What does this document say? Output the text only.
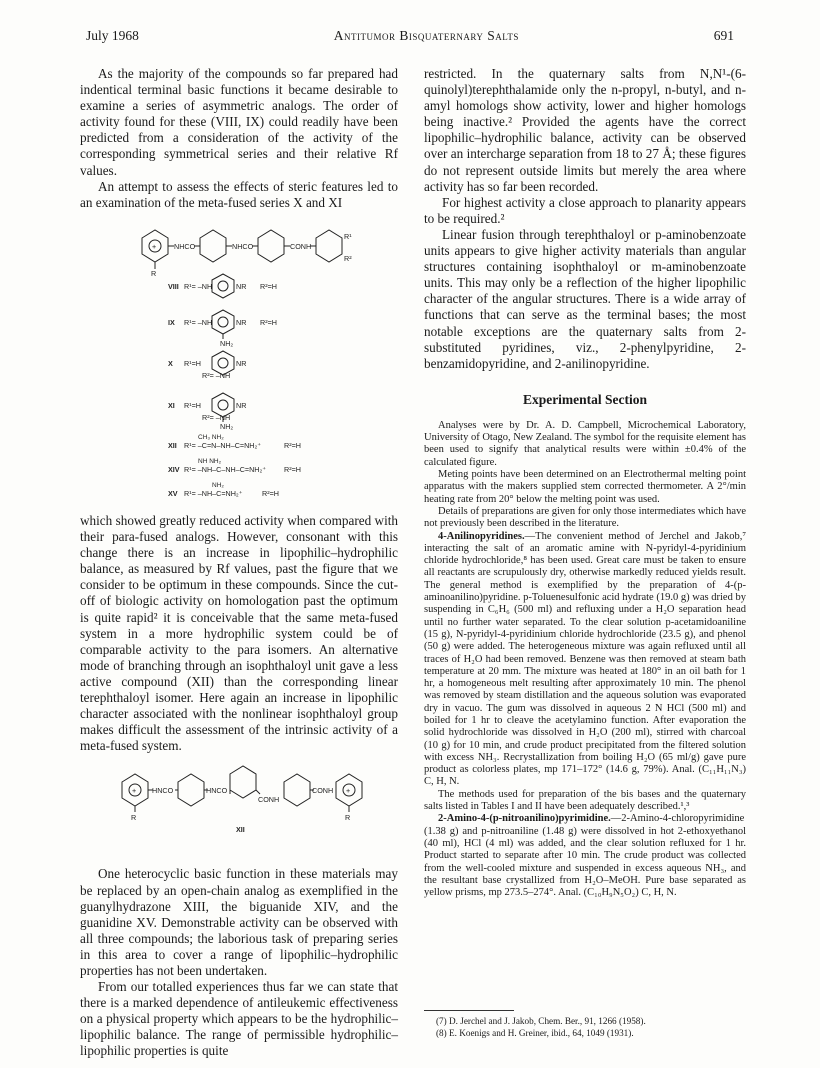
July 1968	Antitumor Bisquaternary Salts	691

As the majority of the compounds so far prepared had indentical terminal basic functions it became desirable to examine a series of asymmetric analogs. The order of activity found for these (VIII, IX) could readily have been predicted from a consideration of the activity of the corresponding symmetrical series and their relative Rf values.

An attempt to assess the effects of steric features led to an examination of the meta-fused series X and XI

+ NHCO	NHCO	CONH
R¹
R²
R
VIII R¹= –NH	NR R²=H
IX R¹= –NH	NR R²=H
NH₂
X R¹=H
R²= –NH
NR
XI R¹=H
R²= –NH
NR
NH₂
CH₃ NH₂
XII R¹= –C=N–NH–C=NH₂⁺	R²=H
NH NH₂
XIV R¹= –NH–C–NH–C=NH₂⁺ R²=H
NH₂
XV R¹= –NH–C=NH₂⁺	R²=H

which showed greatly reduced activity when compared with their para-fused analogs. However, consonant with this change there is an increase in lipophilic–hydrophilic balance, as measured by Rf values, past the figure that we consider to be optimum in these compounds. Since the cut-off of biologic activity on homologation past the optimum is quite rapid² it is conceivable that the same meta-fused system in a more hydrophilic system could be of comparable activity to the para isomers. An alternative mode of branching through an isophthaloyl unit gave a less active compound (XII) than the corresponding linear terephthaloyl isomer. Here again an increase in lipophilic character associated with the nonlinear isophthaloyl group makes difficult the assessment of the intrinsic activity of a meta-fused system.

+ HNCO	HNCO
CONH
CONH +
R	R
XII

One heterocyclic basic function in these materials may be replaced by an open-chain analog as exemplified in the guanylhydrazone XIII, the biguanide XIV, and the guanidine XV. Demonstrable activity can be observed with all three compounds; the laborious task of preparing series in this area to cover a range of lipophilic–hydrophilic properties has not been undertaken.

From our totalled experiences thus far we can state that there is a marked dependence of antileukemic effectiveness on a physical property which appears to be the hydrophilic–lipophilic balance. The range of permissible hydrophilic–lipophilic properties is quite

restricted. In the quaternary salts from N,N¹-(6-quinolyl)terephthalamide only the n-propyl, n-butyl, and n-amyl homologs show activity, lower and higher homologs being inactive.² Provided the agents have the correct lipophilic–hydrophilic balance, activity can be observed over an intercharge separation from 18 to 27 Å; these figures do not represent outside limits but merely the area where activity has so far been recorded.

For highest activity a close approach to planarity appears to be required.²

Linear fusion through terephthaloyl or p-aminobenzoate units appears to give higher activity materials than angular structures containing isophthaloyl or m-aminobenzoate units. This may only be a reflection of the higher lipophilic character of the angular structures. There is a wide array of functions that can serve as the terminal bases; the most notable exceptions are the quaternary salts from 2-substituted pyridines, viz., 2-phenylpyridine, 2-benzamidopyridine, and 2-anilinopyridine.

Experimental Section

Analyses were by Dr. A. D. Campbell, Microchemical Laboratory, University of Otago, New Zealand. The symbol for the requisite element has been used to signify that analytical results were within ±0.4% of the calculated figure.

Meting points have been determined on an Electrothermal melting point apparatus with the makers supplied stem corrected thermometer. A 2°/min heating rate from 20° below the melting point was used.

Details of preparations are given for only those intermediates which have not previously been described in the literature.

4-Anilinopyridines.—The convenient method of Jerchel and Jakob,⁷ interacting the salt of an aromatic amine with N-pyridyl-4-pyridinium chloride hydrochloride,⁸ has been used. Great care must be taken to ensure all reactants are scrupulously dry, otherwise markedly reduced yields result. The general method is exemplified by the preparation of 4-(p-aminoanilino)pyridine. p-Toluenesulfonic acid hydrate (19.0 g) was dried by suspending in C₆H₆ (500 ml) and refluxing under a H₂O separation head until no further water separated. To the clear solution p-acetamidoaniline (15 g), N-pyridyl-4-pyridinium chloride hydrochloride (23.5 g), and phenol (50 g) were added. The heterogeneous mixture was again refluxed until all traces of H₂O had been removed. Benzene was then removed at steam bath temperature at 20 mm. The mixture was heated at 180° in an oil bath for 1 hr, a homogeneous melt resulting after approximately 10 min. The phenol was removed by steam distillation and the aqueous solution was evaporated dry in vacuo. The gum was dissolved in aqueous 2 N HCl (500 ml) and boiled for 1 hr to cleave the acetylamino function. After evaporation the solid hydrochloride was dissolved in H₂O (200 ml), stirred with charcoal (10 g) for 10 min, and crude product precipitated from the filtered solution with excess NH₃. Recrystallization from boiling H₂O (65 ml/g) gave pure product as colorless plates, mp 171–172° (14.6 g, 79%). Anal. (C₁₁H₁₁N₃) C, H, N.

The methods used for preparation of the bis bases and the quaternary salts listed in Tables I and II have been adequately described.¹,³

2-Amino-4-(p-nitroanilino)pyrimidine.—2-Amino-4-chloropyrimidine (1.38 g) and p-nitroaniline (1.48 g) were dissolved in hot 2-ethoxyethanol (40 ml), HCl (4 ml) was added, and the clear solution refluxed for 1 hr. Product started to separate after 10 min. The crude product was collected from the well-cooled mixture and suspended in excess aqueous NH₃, and the resultant base crystallized from H₂O–MeOH. Pure base separated as yellow prisms, mp 273.5–274°. Anal. (C₁₀H₉N₅O₂) C, H, N.

(7) D. Jerchel and J. Jakob, Chem. Ber., 91, 1266 (1958).
(8) E. Koenigs and H. Greiner, ibid., 64, 1049 (1931).
